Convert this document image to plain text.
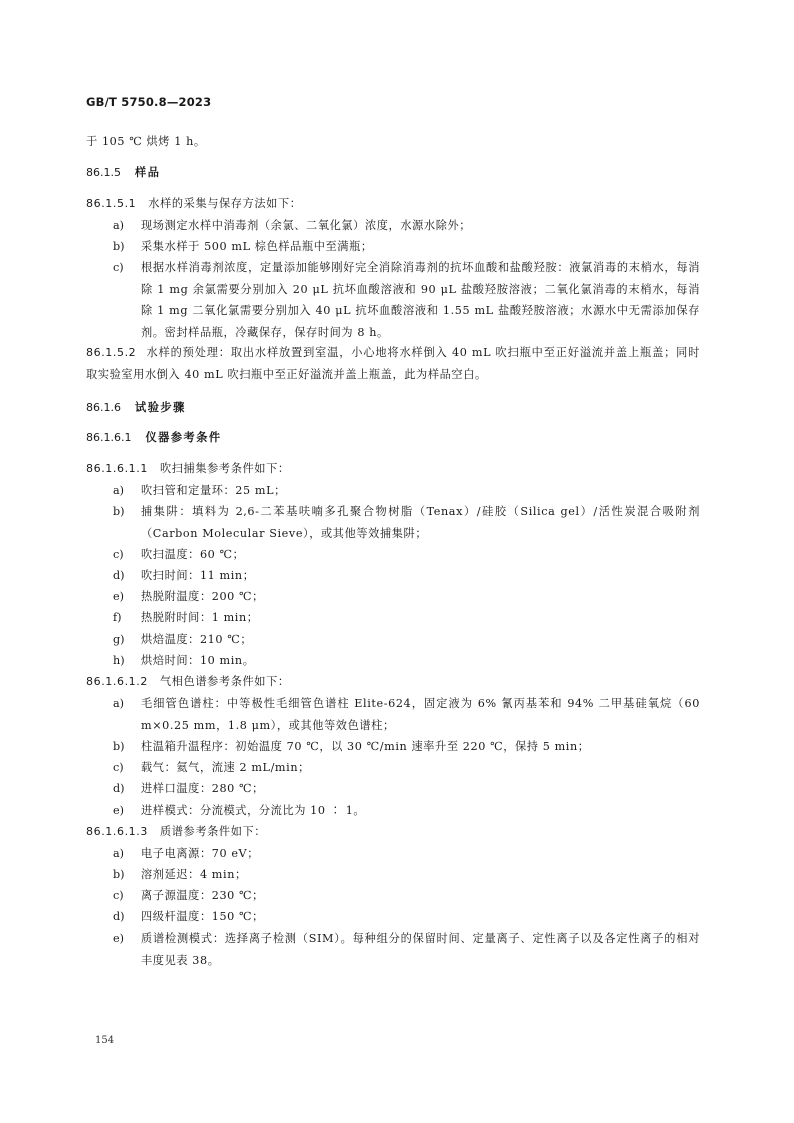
GB/T 5750.8—2023
于 105 ℃ 烘烤 1 h。
86.1.5 样品
86.1.5.1 水样的采集与保存方法如下：
a) 现场测定水样中消毒剂（余氯、二氧化氯）浓度，水源水除外；
b) 采集水样于 500 mL 棕色样品瓶中至满瓶；
c) 根据水样消毒剂浓度，定量添加能够刚好完全消除消毒剂的抗坏血酸和盐酸羟胺：液氯消毒的末梢水，每消除 1 mg 余氯需要分别加入 20 μL 抗坏血酸溶液和 90 μL 盐酸羟胺溶液；二氧化氯消毒的末梢水，每消除 1 mg 二氧化氯需要分别加入 40 μL 抗坏血酸溶液和 1.55 mL 盐酸羟胺溶液；水源水中无需添加保存剂。密封样品瓶，冷藏保存，保存时间为 8 h。
86.1.5.2 水样的预处理：取出水样放置到室温，小心地将水样倒入 40 mL 吹扫瓶中至正好溢流并盖上瓶盖；同时取实验室用水倒入 40 mL 吹扫瓶中至正好溢流并盖上瓶盖，此为样品空白。
86.1.6 试验步骤
86.1.6.1 仪器参考条件
86.1.6.1.1 吹扫捕集参考条件如下：
a) 吹扫管和定量环：25 mL；
b) 捕集阱：填料为 2,6-二苯基呋喃多孔聚合物树脂（Tenax）/硅胶（Silica gel）/活性炭混合吸附剂（Carbon Molecular Sieve），或其他等效捕集阱；
c) 吹扫温度：60 ℃；
d) 吹扫时间：11 min；
e) 热脱附温度：200 ℃；
f) 热脱附时间：1 min；
g) 烘焙温度：210 ℃；
h) 烘焙时间：10 min。
86.1.6.1.2 气相色谱参考条件如下：
a) 毛细管色谱柱：中等极性毛细管色谱柱 Elite-624，固定液为 6% 氰丙基苯和 94% 二甲基硅氧烷（60 m×0.25 mm，1.8 μm），或其他等效色谱柱；
b) 柱温箱升温程序：初始温度 70 ℃，以 30 ℃/min 速率升至 220 ℃，保持 5 min；
c) 载气：氦气，流速 2 mL/min；
d) 进样口温度：280 ℃；
e) 进样模式：分流模式，分流比为 10 ∶ 1。
86.1.6.1.3 质谱参考条件如下：
a) 电子电离源：70 eV；
b) 溶剂延迟：4 min；
c) 离子源温度：230 ℃；
d) 四级杆温度：150 ℃；
e) 质谱检测模式：选择离子检测（SIM）。每种组分的保留时间、定量离子、定性离子以及各定性离子的相对丰度见表 38。
154
